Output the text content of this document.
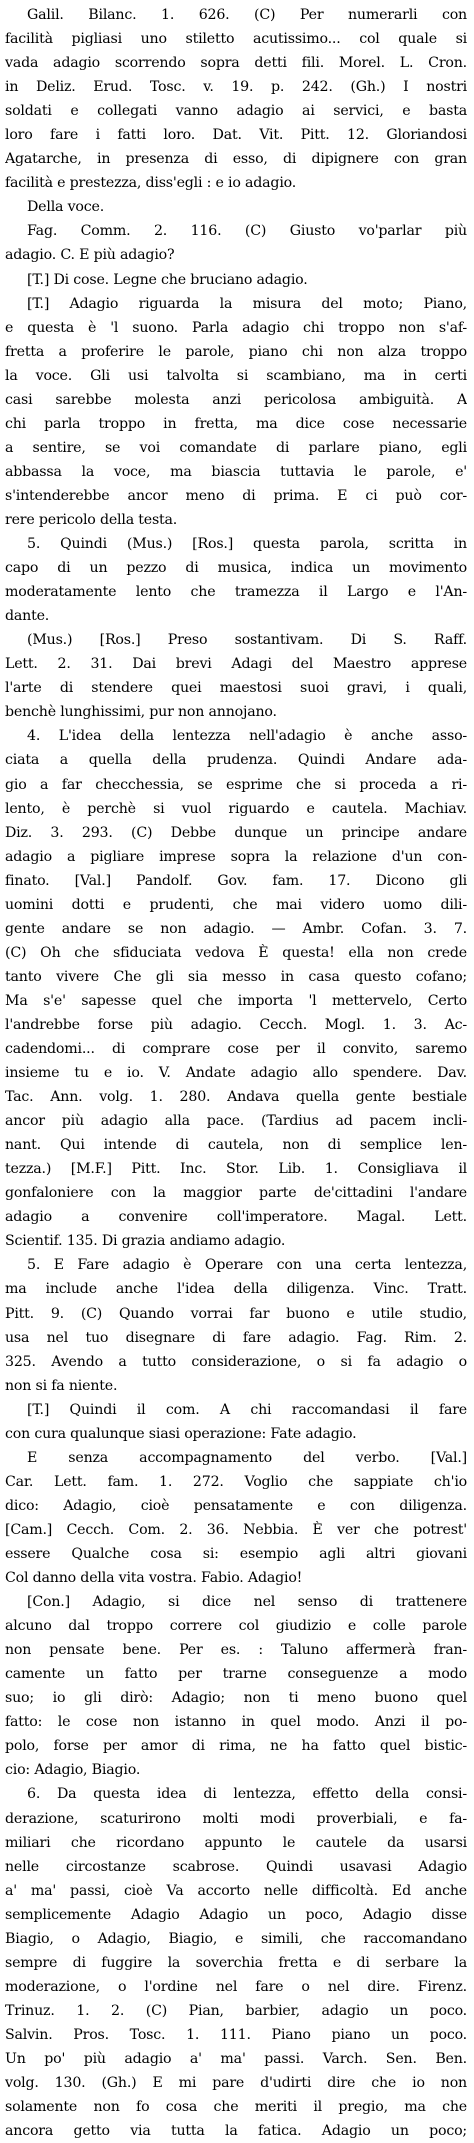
Galil. Bilanc. 1. 626. (C) Per numerarli con
facilità pigliasi uno stiletto acutissimo... col quale si
vada adagio scorrendo sopra detti fili. Morel. L. Cron.
in Deliz. Erud. Tosc. v. 19. p. 242. (Gh.) I nostri
soldati e collegati vanno adagio ai servici, e basta
loro fare i fatti loro. Dat. Vit. Pitt. 12. Gloriandosi
Agatarche, in presenza di esso, di dipignere con gran
facilità e prestezza, diss'egli : e io adagio.
Della voce.
Fag. Comm. 2. 116. (C) Giusto vo'parlar più
adagio. C. E più adagio?
[T.] Di cose. Legne che bruciano adagio.
[T.] Adagio riguarda la misura del moto; Piano,
e questa è 'l suono. Parla adagio chi troppo non s'af-
fretta a proferire le parole, piano chi non alza troppo
la voce. Gli usi talvolta si scambiano, ma in certi
casi sarebbe molesta anzi pericolosa ambiguità. A
chi parla troppo in fretta, ma dice cose necessarie
a sentire, se voi comandate di parlare piano, egli
abbassa la voce, ma biascia tuttavia le parole, e'
s'intenderebbe ancor meno di prima. E ci può cor-
rere pericolo della testa.
5. Quindi (Mus.) [Ros.] questa parola, scritta in
capo di un pezzo di musica, indica un movimento
moderatamente lento che tramezza il Largo e l'An-
dante.
(Mus.) [Ros.] Preso sostantivam. Di S. Raff.
Lett. 2. 31. Dai brevi Adagi del Maestro apprese
l'arte di stendere quei maestosi suoi gravi, i quali,
benchè lunghissimi, pur non annojano.
4. L'idea della lentezza nell'adagio è anche asso-
ciata a quella della prudenza. Quindi Andare ada-
gio a far checchessia, se esprime che si proceda a ri-
lento, è perchè si vuol riguardo e cautela. Machiav.
Diz. 3. 293. (C) Debbe dunque un principe andare
adagio a pigliare imprese sopra la relazione d'un con-
finato. [Val.] Pandolf. Gov. fam. 17. Dicono gli
uomini dotti e prudenti, che mai videro uomo dili-
gente andare se non adagio. — Ambr. Cofan. 3. 7.
(C) Oh che sfiduciata vedova È questa! ella non crede
tanto vivere Che gli sia messo in casa questo cofano;
Ma s'e' sapesse quel che importa 'l mettervelo, Certo
l'andrebbe forse più adagio. Cecch. Mogl. 1. 3. Ac-
cadendomi... di comprare cose per il convito, saremo
insieme tu e io. V. Andate adagio allo spendere. Dav.
Tac. Ann. volg. 1. 280. Andava quella gente bestiale
ancor più adagio alla pace. (Tardius ad pacem incli-
nant. Qui intende di cautela, non di semplice len-
tezza.) [M.F.] Pitt. Inc. Stor. Lib. 1. Consigliava il
gonfaloniere con la maggior parte de'cittadini l'andare
adagio a convenire coll'imperatore. Magal. Lett.
Scientif. 135. Di grazia andiamo adagio.
5. E Fare adagio è Operare con una certa lentezza,
ma include anche l'idea della diligenza. Vinc. Tratt.
Pitt. 9. (C) Quando vorrai far buono e utile studio,
usa nel tuo disegnare di fare adagio. Fag. Rim. 2.
325. Avendo a tutto considerazione, o si fa adagio o
non si fa niente.
[T.] Quindi il com. A chi raccomandasi il fare
con cura qualunque siasi operazione: Fate adagio.
E senza accompagnamento del verbo. [Val.]
Car. Lett. fam. 1. 272. Voglio che sappiate ch'io
dico: Adagio, cioè pensatamente e con diligenza.
[Cam.] Cecch. Com. 2. 36. Nebbia. È ver che potrest'
essere Qualche cosa si: esempio agli altri giovani
Col danno della vita vostra. Fabio. Adagio!
[Con.] Adagio, si dice nel senso di trattenere
alcuno dal troppo correre col giudizio e colle parole
non pensate bene. Per es. : Taluno affermerà fran-
camente un fatto per trarne conseguenze a modo
suo; io gli dirò: Adagio; non ti meno buono quel
fatto: le cose non istanno in quel modo. Anzi il po-
polo, forse per amor di rima, ne ha fatto quel bistic-
cio: Adagio, Biagio.
6. Da questa idea di lentezza, effetto della consi-
derazione, scaturirono molti modi proverbiali, e fa-
miliari che ricordano appunto le cautele da usarsi
nelle circostanze scabrose. Quindi usavasi Adagio
a' ma' passi, cioè Va accorto nelle difficoltà. Ed anche
semplicemente Adagio Adagio un poco, Adagio disse
Biagio, o Adagio, Biagio, e simili, che raccomandano
sempre di fuggire la soverchia fretta e di serbare la
moderazione, o l'ordine nel fare o nel dire. Firenz.
Trinuz. 1. 2. (C) Pian, barbier, adagio un poco.
Salvin. Pros. Tosc. 1. 111. Piano piano un poco.
Un po' più adagio a' ma' passi. Varch. Sen. Ben.
volg. 130. (Gh.) E mi pare d'udirti dire che io non
solamente non fo cosa che meriti il pregio, ma che
ancora getto via tutta la fatica. Adagio un poco;
